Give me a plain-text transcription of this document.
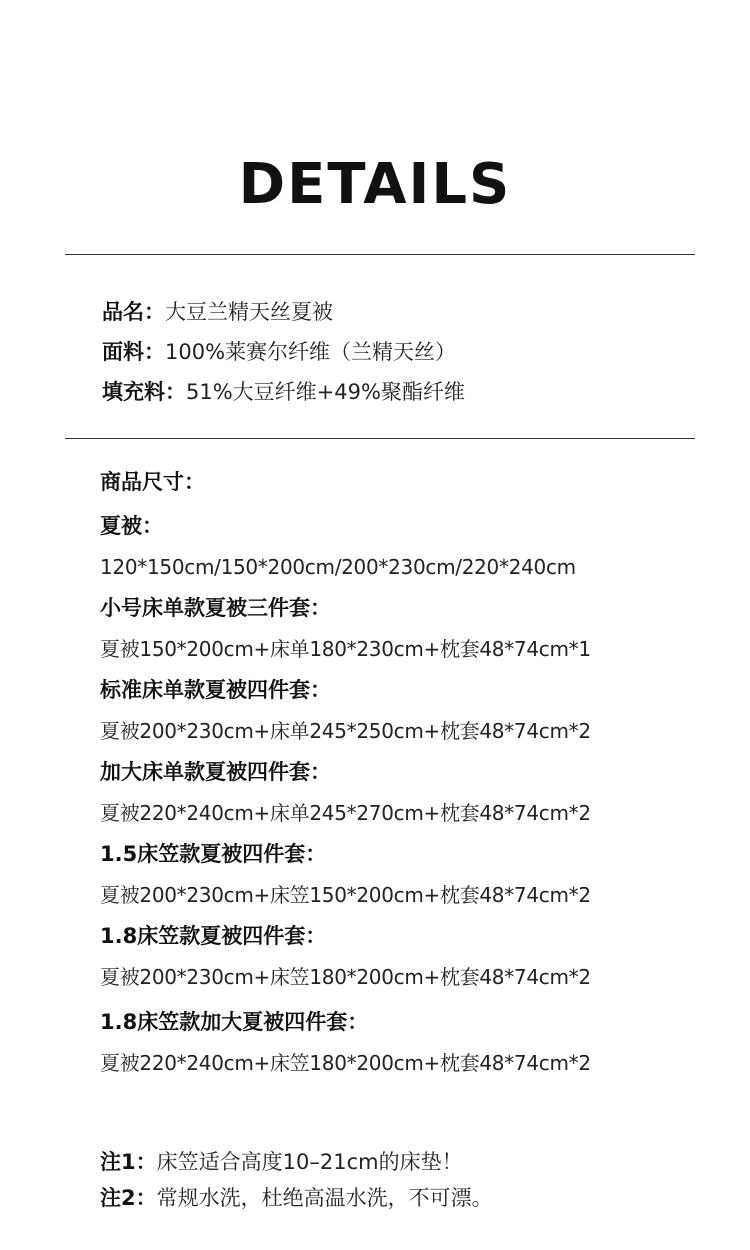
DETAILS
品名：大豆兰精天丝夏被
面料：100%莱赛尔纤维（兰精天丝）
填充料：51%大豆纤维+49%聚酯纤维
商品尺寸：
夏被：
120*150cm/150*200cm/200*230cm/220*240cm
小号床单款夏被三件套：
夏被150*200cm+床单180*230cm+枕套48*74cm*1
标准床单款夏被四件套：
夏被200*230cm+床单245*250cm+枕套48*74cm*2
加大床单款夏被四件套：
夏被220*240cm+床单245*270cm+枕套48*74cm*2
1.5床笠款夏被四件套：
夏被200*230cm+床笠150*200cm+枕套48*74cm*2
1.8床笠款夏被四件套：
夏被200*230cm+床笠180*200cm+枕套48*74cm*2
1.8床笠款加大夏被四件套：
夏被220*240cm+床笠180*200cm+枕套48*74cm*2
注1：床笠适合高度10–21cm的床垫！
注2：常规水洗，杜绝高温水洗，不可漂。
